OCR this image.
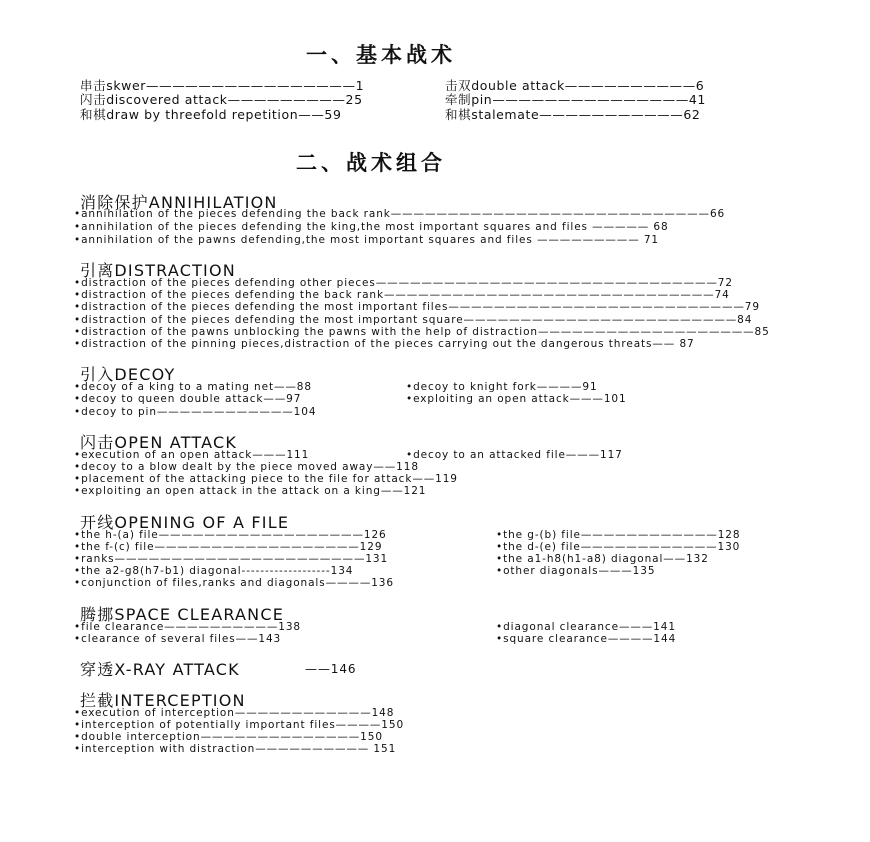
一、基本战术
串击skwer————————————————1
闪击discovered attack—————————25
和棋draw by threefold repetition——59
击双double attack——————————6
牵制pin———————————————41
和棋stalemate———————————62
二、战术组合
消除保护ANNIHILATION
•annihilation of the pieces defending the back rank————————————————————————————66
•annihilation of the pieces defending the king,the most important squares and files ————— 68
•annihilation of the pawns defending,the most important squares and files ————————— 71
引离DISTRACTION
•distraction of the pieces defending other pieces——————————————————————————————72
•distraction of the pieces defending the back rank—————————————————————————————74
•distraction of the pieces defending the most important files——————————————————————————79
•distraction of the pieces defending the most important square————————————————————————84
•distraction of the pawns unblocking the pawns with the help of distraction———————————————————85
•distraction of the pinning pieces,distraction of the pieces carrying out the dangerous threats—— 87
引入DECOY
•decoy of a king to a mating net——88
•decoy to queen double attack——97
•decoy to pin————————————104
•decoy to knight fork————91
•exploiting an open attack———101
闪击OPEN ATTACK
•execution of an open attack———111	•decoy to an attacked file———117
•decoy to a blow dealt by the piece moved away——118
•placement of the attacking piece to the file for attack——119
•exploiting an open attack in the attack on a king——121
开线OPENING OF A FILE
•the h-(a) file——————————————————126
•the f-(c) file——————————————————129
•ranks——————————————————————131
•the a2-g8(h7-b1) diagonal-------------------134
•conjunction of files,ranks and diagonals————136
•the g-(b) file————————————128
•the d-(e) file————————————130
•the a1-h8(h1-a8) diagonal——132
•other diagonals———135
腾挪SPACE CLEARANCE
•file clearance——————————138
•clearance of several files——143
•diagonal clearance———141
•square clearance————144
穿透X-RAY ATTACK	——146
拦截INTERCEPTION
•execution of interception————————————148
•interception of potentially important files————150
•double interception——————————————150
•interception with distraction—————————— 151
